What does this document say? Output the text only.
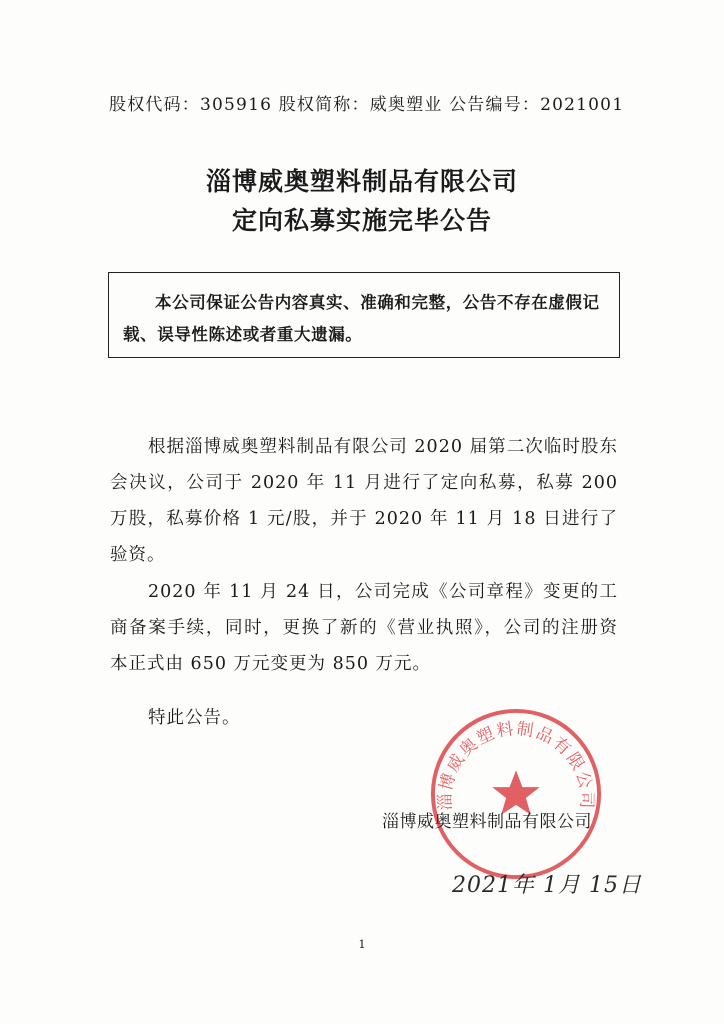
股权代码：305916 股权简称：威奥塑业 公告编号：2021001
淄博威奥塑料制品有限公司
定向私募实施完毕公告
本公司保证公告内容真实、准确和完整，公告不存在虚假记载、误导性陈述或者重大遗漏。
根据淄博威奥塑料制品有限公司 2020 届第二次临时股东会决议，公司于 2020 年 11 月进行了定向私募，私募 200 万股，私募价格 1 元/股，并于 2020 年 11 月 18 日进行了验资。
2020 年 11 月 24 日，公司完成《公司章程》变更的工商备案手续，同时，更换了新的《营业执照》，公司的注册资本正式由 650 万元变更为 850 万元。
特此公告。
淄博威奥塑料制品有限公司
淄博威奥塑料制品有限公司
2021年 1月 15日
1
